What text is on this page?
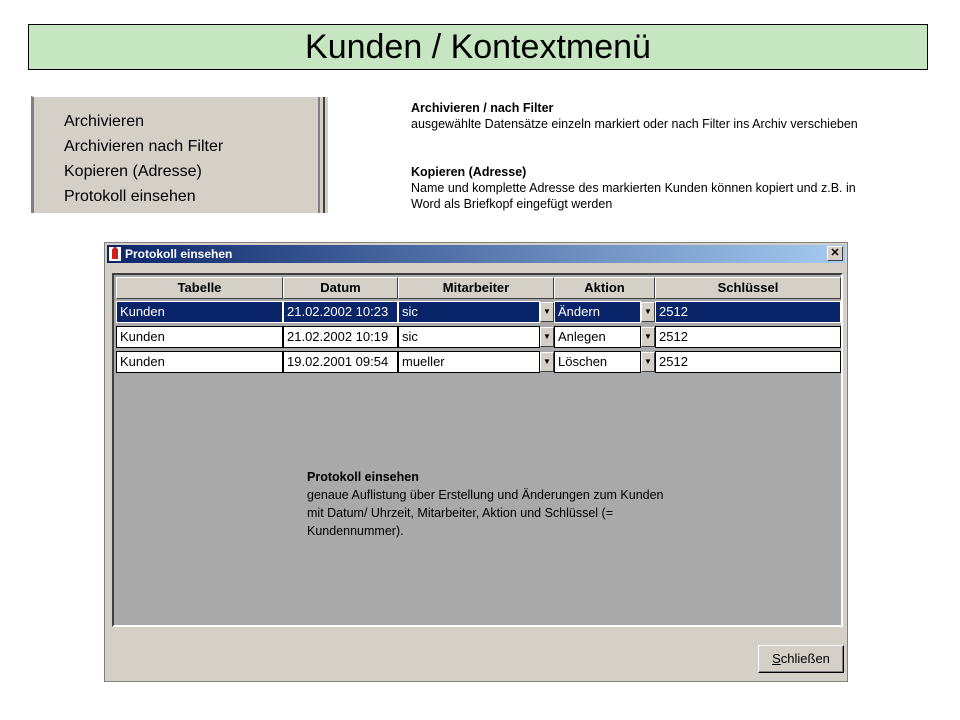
Kunden / Kontextmenü
Archivieren
Archivieren nach Filter
Kopieren (Adresse)
Protokoll einsehen
Archivieren / nach Filter
ausgewählte Datensätze einzeln markiert oder nach Filter ins Archiv verschieben
Kopieren (Adresse)
Name und komplette Adresse des markierten Kunden können kopiert und z.B. in Word als Briefkopf eingefügt werden
Protokoll einsehen	✕
Tabelle	Datum	Mitarbeiter	Aktion	Schlüssel
Kunden	21.02.2002 10:23	sic	▼ Ändern	▼ 2512
Kunden	21.02.2002 10:19	sic	▼ Anlegen	▼ 2512
Kunden	19.02.2001 09:54	mueller	▼ Löschen	▼ 2512
Schließen
Protokoll einsehen
genaue Auflistung über Erstellung und Änderungen zum Kunden mit Datum/ Uhrzeit, Mitarbeiter, Aktion und Schlüssel (= Kundennummer).
